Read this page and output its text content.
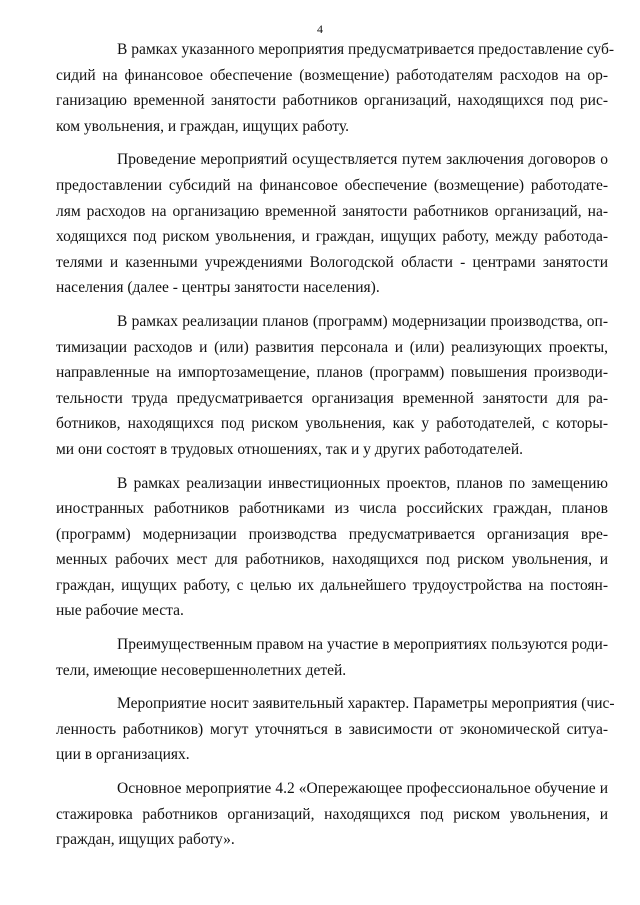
4
В рамках указанного мероприятия предусматривается предоставление суб-
сидий на финансовое обеспечение (возмещение) работодателям расходов на ор-
ганизацию временной занятости работников организаций, находящихся под рис-
ком увольнения, и граждан, ищущих работу.
Проведение мероприятий осуществляется путем заключения договоров о
предоставлении субсидий на финансовое обеспечение (возмещение) работодате-
лям расходов на организацию временной занятости работников организаций, на-
ходящихся под риском увольнения, и граждан, ищущих работу, между работода-
телями и казенными учреждениями Вологодской области - центрами занятости
населения (далее - центры занятости населения).
В рамках реализации планов (программ) модернизации производства, оп-
тимизации расходов и (или) развития персонала и (или) реализующих проекты,
направленные на импортозамещение, планов (программ) повышения производи-
тельности труда предусматривается организация временной занятости для ра-
ботников, находящихся под риском увольнения, как у работодателей, с которы-
ми они состоят в трудовых отношениях, так и у других работодателей.
В рамках реализации инвестиционных проектов, планов по замещению
иностранных работников работниками из числа российских граждан, планов
(программ) модернизации производства предусматривается организация вре-
менных рабочих мест для работников, находящихся под риском увольнения, и
граждан, ищущих работу, с целью их дальнейшего трудоустройства на постоян-
ные рабочие места.
Преимущественным правом на участие в мероприятиях пользуются роди-
тели, имеющие несовершеннолетних детей.
Мероприятие носит заявительный характер. Параметры мероприятия (чис-
ленность работников) могут уточняться в зависимости от экономической ситуа-
ции в организациях.
Основное мероприятие 4.2 «Опережающее профессиональное обучение и
стажировка работников организаций, находящихся под риском увольнения, и
граждан, ищущих работу».
